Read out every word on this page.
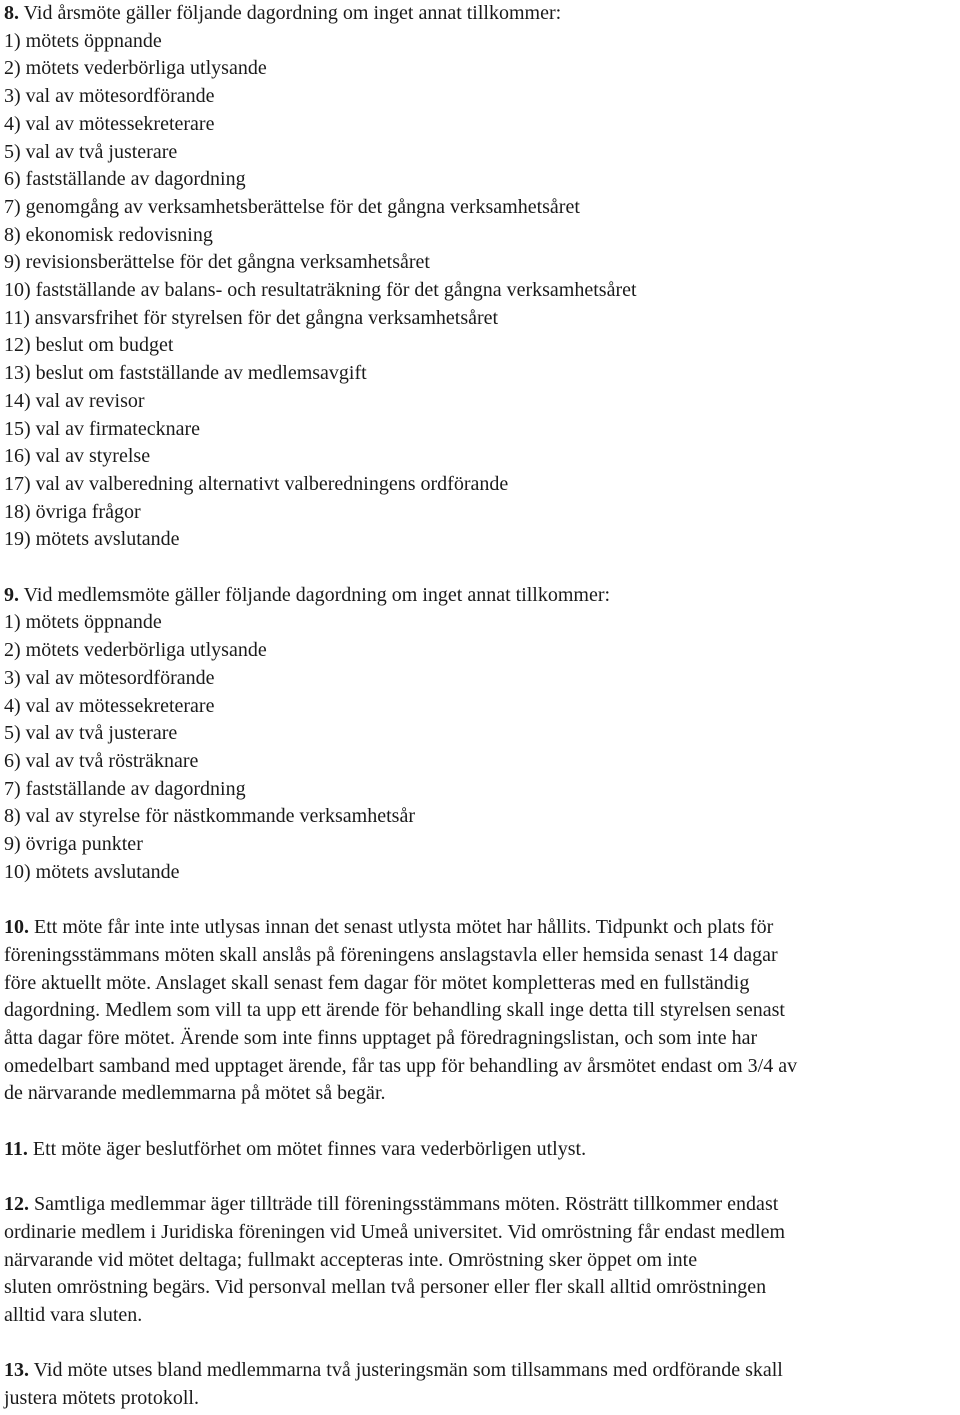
8. Vid årsmöte gäller följande dagordning om inget annat tillkommer:

1) mötets öppnande

2) mötets vederbörliga utlysande

3) val av mötesordförande

4) val av mötessekreterare

5) val av två justerare

6) fastställande av dagordning

7) genomgång av verksamhetsberättelse för det gångna verksamhetsåret

8) ekonomisk redovisning

9) revisionsberättelse för det gångna verksamhetsåret

10) fastställande av balans- och resultaträkning för det gångna verksamhetsåret

11) ansvarsfrihet för styrelsen för det gångna verksamhetsåret

12) beslut om budget

13) beslut om fastställande av medlemsavgift

14) val av revisor

15) val av firmatecknare

16) val av styrelse

17) val av valberedning alternativt valberedningens ordförande

18) övriga frågor

19) mötets avslutande

9. Vid medlemsmöte gäller följande dagordning om inget annat tillkommer:

1) mötets öppnande

2) mötets vederbörliga utlysande

3) val av mötesordförande

4) val av mötessekreterare

5) val av två justerare

6) val av två rösträknare

7) fastställande av dagordning

8) val av styrelse för nästkommande verksamhetsår

9) övriga punkter

10) mötets avslutande

10. Ett möte får inte inte utlysas innan det senast utlysta mötet har hållits. Tidpunkt och plats för

föreningsstämmans möten skall anslås på föreningens anslagstavla eller hemsida senast 14 dagar

före aktuellt möte. Anslaget skall senast fem dagar för mötet kompletteras med en fullständig

dagordning. Medlem som vill ta upp ett ärende för behandling skall inge detta till styrelsen senast

åtta dagar före mötet. Ärende som inte finns upptaget på föredragningslistan, och som inte har

omedelbart samband med upptaget ärende, får tas upp för behandling av årsmötet endast om 3/4 av

de närvarande medlemmarna på mötet så begär.

11. Ett möte äger beslutförhet om mötet finnes vara vederbörligen utlyst.

12. Samtliga medlemmar äger tillträde till föreningsstämmans möten. Rösträtt tillkommer endast

ordinarie medlem i Juridiska föreningen vid Umeå universitet. Vid omröstning får endast medlem

närvarande vid mötet deltaga; fullmakt accepteras inte. Omröstning sker öppet om inte

sluten omröstning begärs. Vid personval mellan två personer eller fler skall alltid omröstningen

alltid vara sluten.

13. Vid möte utses bland medlemmarna två justeringsmän som tillsammans med ordförande skall

justera mötets protokoll.
